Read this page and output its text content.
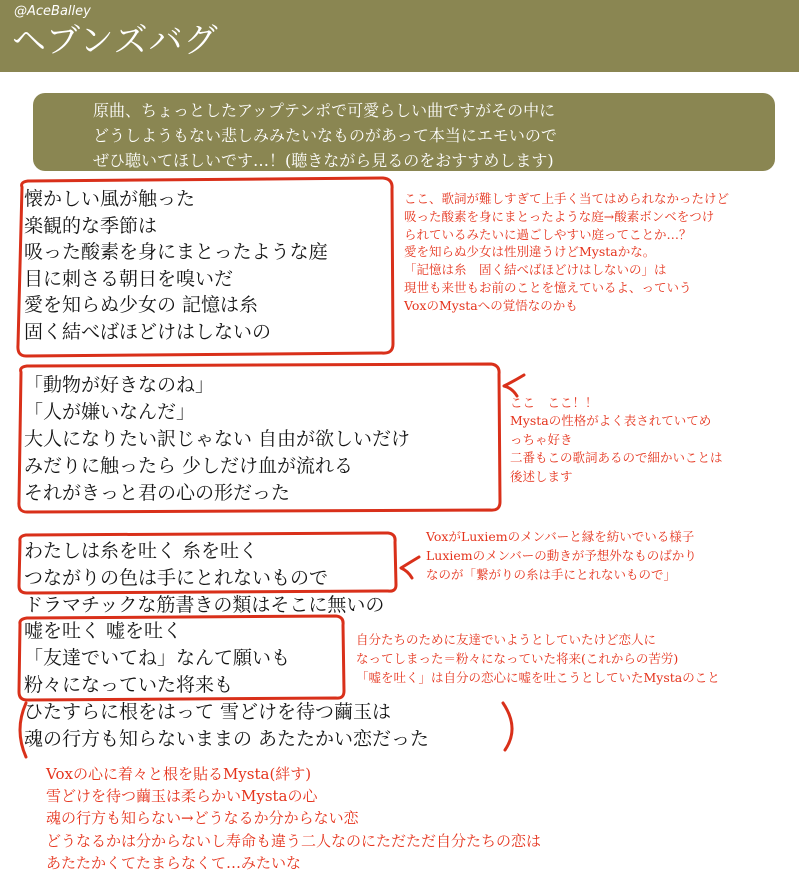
@AceBalley
ヘブンズバグ
原曲、ちょっとしたアップテンポで可愛らしい曲ですがその中に
どうしようもない悲しみみたいなものがあって本当にエモいので
ぜひ聴いてほしいです…！(聴きながら見るのをおすすめします)
懐かしい風が触った
楽観的な季節は
吸った酸素を身にまとったような庭
目に刺さる朝日を嗅いだ
愛を知らぬ少女の 記憶は糸
固く結べばほどけはしないの
「動物が好きなのね」
「人が嫌いなんだ」
大人になりたい訳じゃない 自由が欲しいだけ
みだりに触ったら 少しだけ血が流れる
それがきっと君の心の形だった
わたしは糸を吐く 糸を吐く
つながりの色は手にとれないもので
ドラマチックな筋書きの類はそこに無いの
嘘を吐く 嘘を吐く
「友達でいてね」なんて願いも
粉々になっていた将来も
ひたすらに根をはって 雪どけを待つ繭玉は
魂の行方も知らないままの あたたかい恋だった
ここ、歌詞が難しすぎて上手く当てはめられなかったけど
吸った酸素を身にまとったような庭→酸素ボンベをつけ
られているみたいに過ごしやすい庭ってことか…？
愛を知らぬ少女は性別違うけどMystaかな。
「記憶は糸　固く結べばほどけはしないの」は
現世も来世もお前のことを憶えているよ、っていう
VoxのMystaへの覚悟なのかも
ここ　ここ！！
Mystaの性格がよく表されていてめ
っちゃ好き
二番もこの歌詞あるので細かいことは
後述します
VoxがLuxiemのメンバーと縁を紡いでいる様子
Luxiemのメンバーの動きが予想外なものばかり
なのが「繋がりの糸は手にとれないもので」
自分たちのために友達でいようとしていたけど恋人に
なってしまった＝粉々になっていた将来(これからの苦労)
「嘘を吐く」は自分の恋心に嘘を吐こうとしていたMystaのこと
Voxの心に着々と根を貼るMysta(絆す)
雪どけを待つ繭玉は柔らかいMystaの心
魂の行方も知らない→どうなるか分からない恋
どうなるかは分からないし寿命も違う二人なのにただただ自分たちの恋は
あたたかくてたまらなくて…みたいな
